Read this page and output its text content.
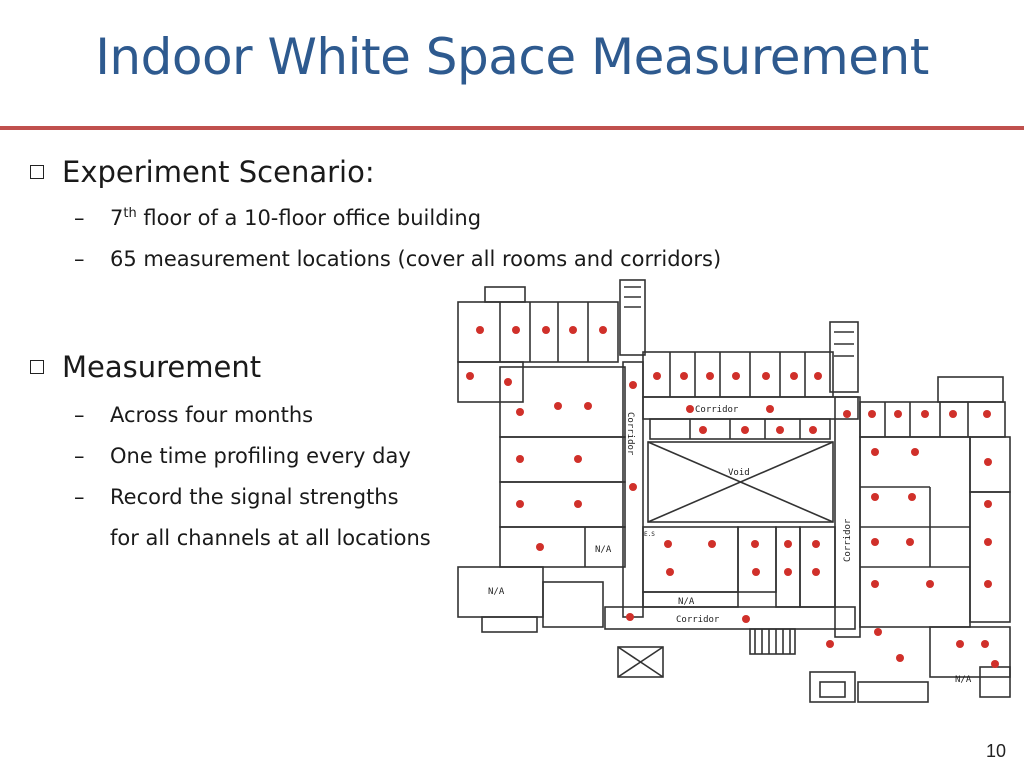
Indoor White Space Measurement
Experiment Scenario:
– 7th floor of a 10-floor office building
– 65 measurement locations (cover all rooms and corridors)
Measurement
– Across four months
– One time profiling every day
– Record the signal strengths
for all channels at all locations
Corridor
Corridor
Corridor
Corridor
Void
N/A
N/A
N/A
N/A
E.S
10
